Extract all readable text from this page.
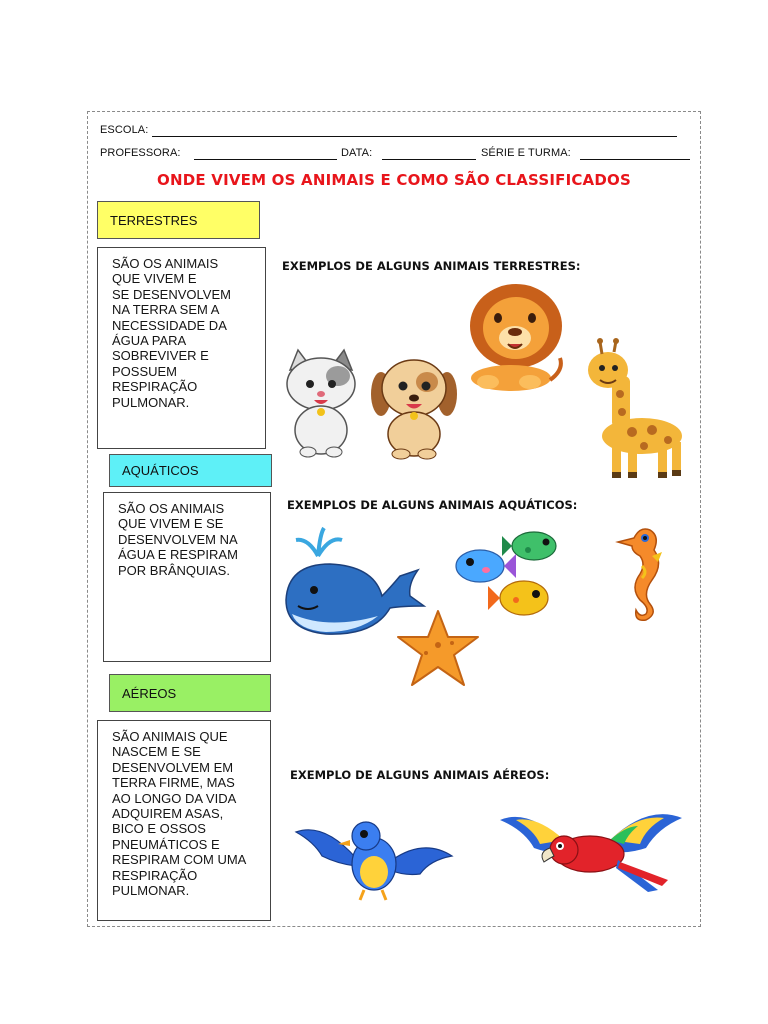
ESCOLA:
PROFESSORA:	DATA:	SÉRIE E TURMA:
ONDE VIVEM OS ANIMAIS E COMO SÃO CLASSIFICADOS
TERRESTRES
SÃO OS ANIMAIS
QUE VIVEM E
SE DESENVOLVEM
NA TERRA SEM A
NECESSIDADE DA
ÁGUA PARA
SOBREVIVER E
POSSUEM
RESPIRAÇÃO
PULMONAR.
EXEMPLOS DE ALGUNS ANIMAIS TERRESTRES:
AQUÁTICOS
SÃO OS ANIMAIS
QUE VIVEM E SE
DESENVOLVEM NA
ÁGUA E RESPIRAM
POR BRÂNQUIAS.
EXEMPLOS DE ALGUNS ANIMAIS AQUÁTICOS:
AÉREOS
SÃO ANIMAIS QUE
NASCEM E SE
DESENVOLVEM EM
TERRA FIRME, MAS
AO LONGO DA VIDA
ADQUIREM ASAS,
BICO E OSSOS
PNEUMÁTICOS E
RESPIRAM COM UMA
RESPIRAÇÃO
PULMONAR.
EXEMPLO DE ALGUNS ANIMAIS AÉREOS:
